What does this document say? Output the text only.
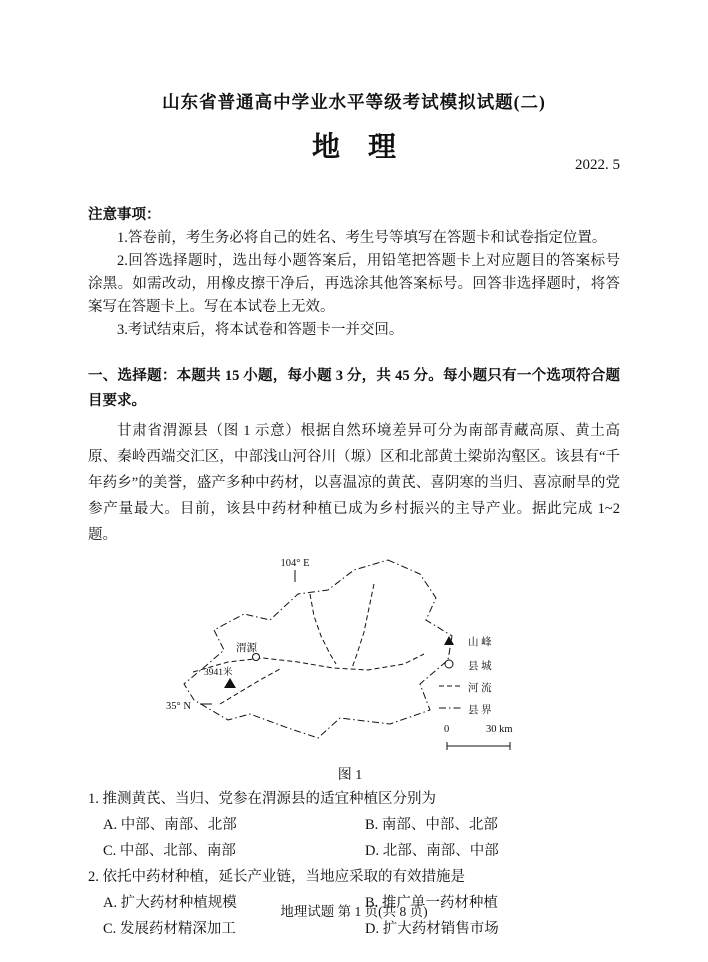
山东省普通高中学业水平等级考试模拟试题(二)
地　理
2022. 5
注意事项：

1.答卷前，考生务必将自己的姓名、考生号等填写在答题卡和试卷指定位置。

2.回答选择题时，选出每小题答案后，用铅笔把答题卡上对应题目的答案标号涂黑。如需改动，用橡皮擦干净后，再选涂其他答案标号。回答非选择题时，将答案写在答题卡上。写在本试卷上无效。

3.考试结束后，将本试卷和答题卡一并交回。

一、选择题：本题共 15 小题，每小题 3 分，共 45 分。每小题只有一个选项符合题目要求。

甘肃省渭源县（图 1 示意）根据自然环境差异可分为南部青藏高原、黄土高原、秦岭西端交汇区，中部浅山河谷川（塬）区和北部黄土梁峁沟壑区。该县有“千年药乡”的美誉，盛产多种中药材，以喜温凉的黄芪、喜阴寒的当归、喜凉耐旱的党参产量最大。目前，该县中药材种植已成为乡村振兴的主导产业。据此完成 1~2 题。

104° E
渭源
3941米
35° N
山 峰
县 城
河 流
县 界
0	30 km
图 1
1. 推测黄芪、当归、党参在渭源县的适宜种植区分别为
A. 中部、南部、北部	B. 南部、中部、北部
C. 中部、北部、南部	D. 北部、南部、中部
2. 依托中药材种植，延长产业链，当地应采取的有效措施是
A. 扩大药材种植规模	B. 推广单一药材种植
C. 发展药材精深加工	D. 扩大药材销售市场
地理试题 第 1 页(共 8 页)
